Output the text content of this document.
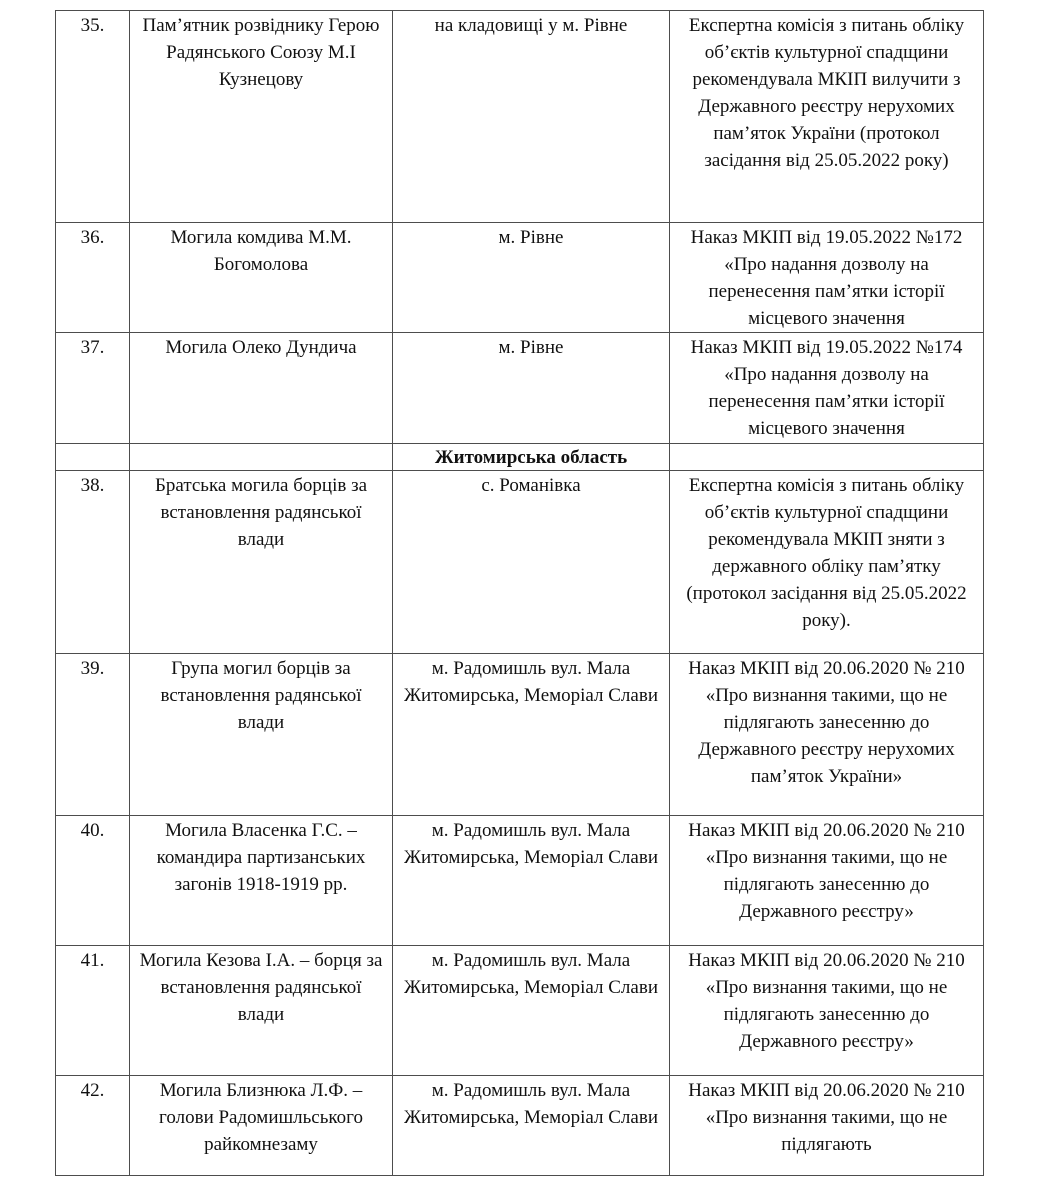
35.	Пам’ятник розвіднику Герою Радянського Союзу М.І Кузнецову	на кладовищі у м. Рівне	Експертна комісія з питань обліку об’єктів культурної спадщини рекомендувала МКІП вилучити з Державного реєстру нерухомих пам’яток України (протокол засідання від 25.05.2022 року)
36.	Могила комдива М.М. Богомолова	м. Рівне	Наказ МКІП від 19.05.2022 №172 «Про надання дозволу на перенесення пам’ятки історії місцевого значення
37.	Могила Олеко Дундича	м. Рівне	Наказ МКІП від 19.05.2022 №174 «Про надання дозволу на перенесення пам’ятки історії місцевого значення
		Житомирська область	
38.	Братська могила борців за встановлення радянської влади	с. Романівка	Експертна комісія з питань обліку об’єктів культурної спадщини рекомендувала МКІП зняти з державного обліку пам’ятку (протокол засідання від 25.05.2022 року).
39.	Група могил борців за встановлення радянської влади	м. Радомишль вул. Мала Житомирська, Меморіал Слави	Наказ МКІП від 20.06.2020 № 210 «Про визнання такими, що не підлягають занесенню до Державного реєстру нерухомих пам’яток України»
40.	Могила Власенка Г.С. – командира партизанських загонів 1918-1919 рр.	м. Радомишль вул. Мала Житомирська, Меморіал Слави	Наказ МКІП від 20.06.2020 № 210 «Про визнання такими, що не підлягають занесенню до Державного реєстру»
41.	Могила Кезова І.А. – борця за встановлення радянської влади	м. Радомишль вул. Мала Житомирська, Меморіал Слави	Наказ МКІП від 20.06.2020 № 210 «Про визнання такими, що не підлягають занесенню до Державного реєстру»
42.	Могила Близнюка Л.Ф. – голови Радомишльського райкомнезаму	м. Радомишль вул. Мала Житомирська, Меморіал Слави	Наказ МКІП від 20.06.2020 № 210 «Про визнання такими, що не підлягають
